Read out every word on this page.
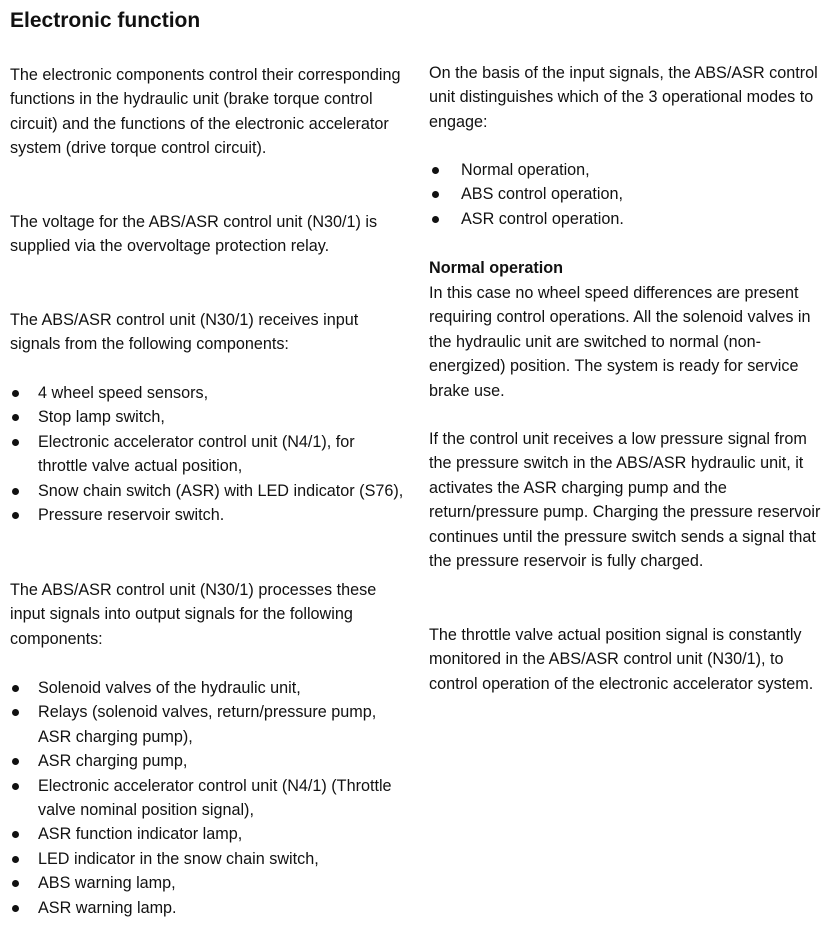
Electronic function

The electronic components control their corresponding functions in the hydraulic unit (brake torque control circuit) and the functions of the electronic accelerator system (drive torque control circuit).

The voltage for the ABS/ASR control unit (N30/1) is supplied via the overvoltage protection relay.

The ABS/ASR control unit (N30/1) receives input signals from the following components:

4 wheel speed sensors,
Stop lamp switch,
Electronic accelerator control unit (N4/1), for throttle valve actual position,
Snow chain switch (ASR) with LED indicator (S76),
Pressure reservoir switch.

The ABS/ASR control unit (N30/1) processes these input signals into output signals for the following components:

Solenoid valves of the hydraulic unit,
Relays (solenoid valves, return/pressure pump, ASR charging pump),
ASR charging pump,
Electronic accelerator control unit (N4/1) (Throttle valve nominal position signal),
ASR function indicator lamp,
LED indicator in the snow chain switch,
ABS warning lamp,
ASR warning lamp.

On the basis of the input signals, the ABS/ASR control unit distinguishes which of the 3 operational modes to engage:

Normal operation,
ABS control operation,
ASR control operation.

Normal operation

In this case no wheel speed differences are present requiring control operations. All the solenoid valves in the hydraulic unit are switched to normal (non-energized) position. The system is ready for service brake use.

If the control unit receives a low pressure signal from the pressure switch in the ABS/ASR hydraulic unit, it activates the ASR charging pump and the return/pressure pump. Charging the pressure reservoir continues until the pressure switch sends a signal that the pressure reservoir is fully charged.

The throttle valve actual position signal is constantly monitored in the ABS/ASR control unit (N30/1), to control operation of the electronic accelerator system.
